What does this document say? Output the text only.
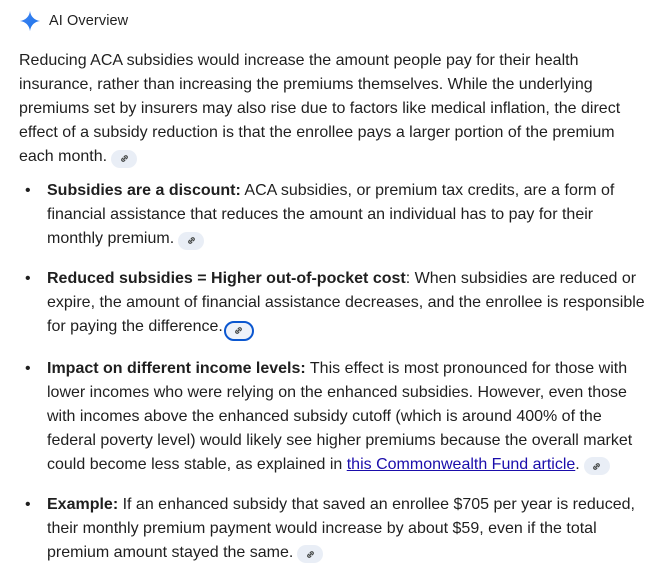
AI Overview

Reducing ACA subsidies would increase the amount people pay for their health insurance, rather than increasing the premiums themselves. While the underlying premiums set by insurers may also rise due to factors like medical inflation, the direct effect of a subsidy reduction is that the enrollee pays a larger portion of the premium each month.

• Subsidies are a discount: ACA subsidies, or premium tax credits, are a form of financial assistance that reduces the amount an individual has to pay for their monthly premium.
• Reduced subsidies = Higher out-of-pocket cost: When subsidies are reduced or expire, the amount of financial assistance decreases, and the enrollee is responsible for paying the difference.
• Impact on different income levels: This effect is most pronounced for those with lower incomes who were relying on the enhanced subsidies. However, even those with incomes above the enhanced subsidy cutoff (which is around 400% of the federal poverty level) would likely see higher premiums because the overall market could become less stable, as explained in this Commonwealth Fund article.
• Example: If an enhanced subsidy that saved an enrollee $705 per year is reduced, their monthly premium payment would increase by about $59, even if the total premium amount stayed the same.
